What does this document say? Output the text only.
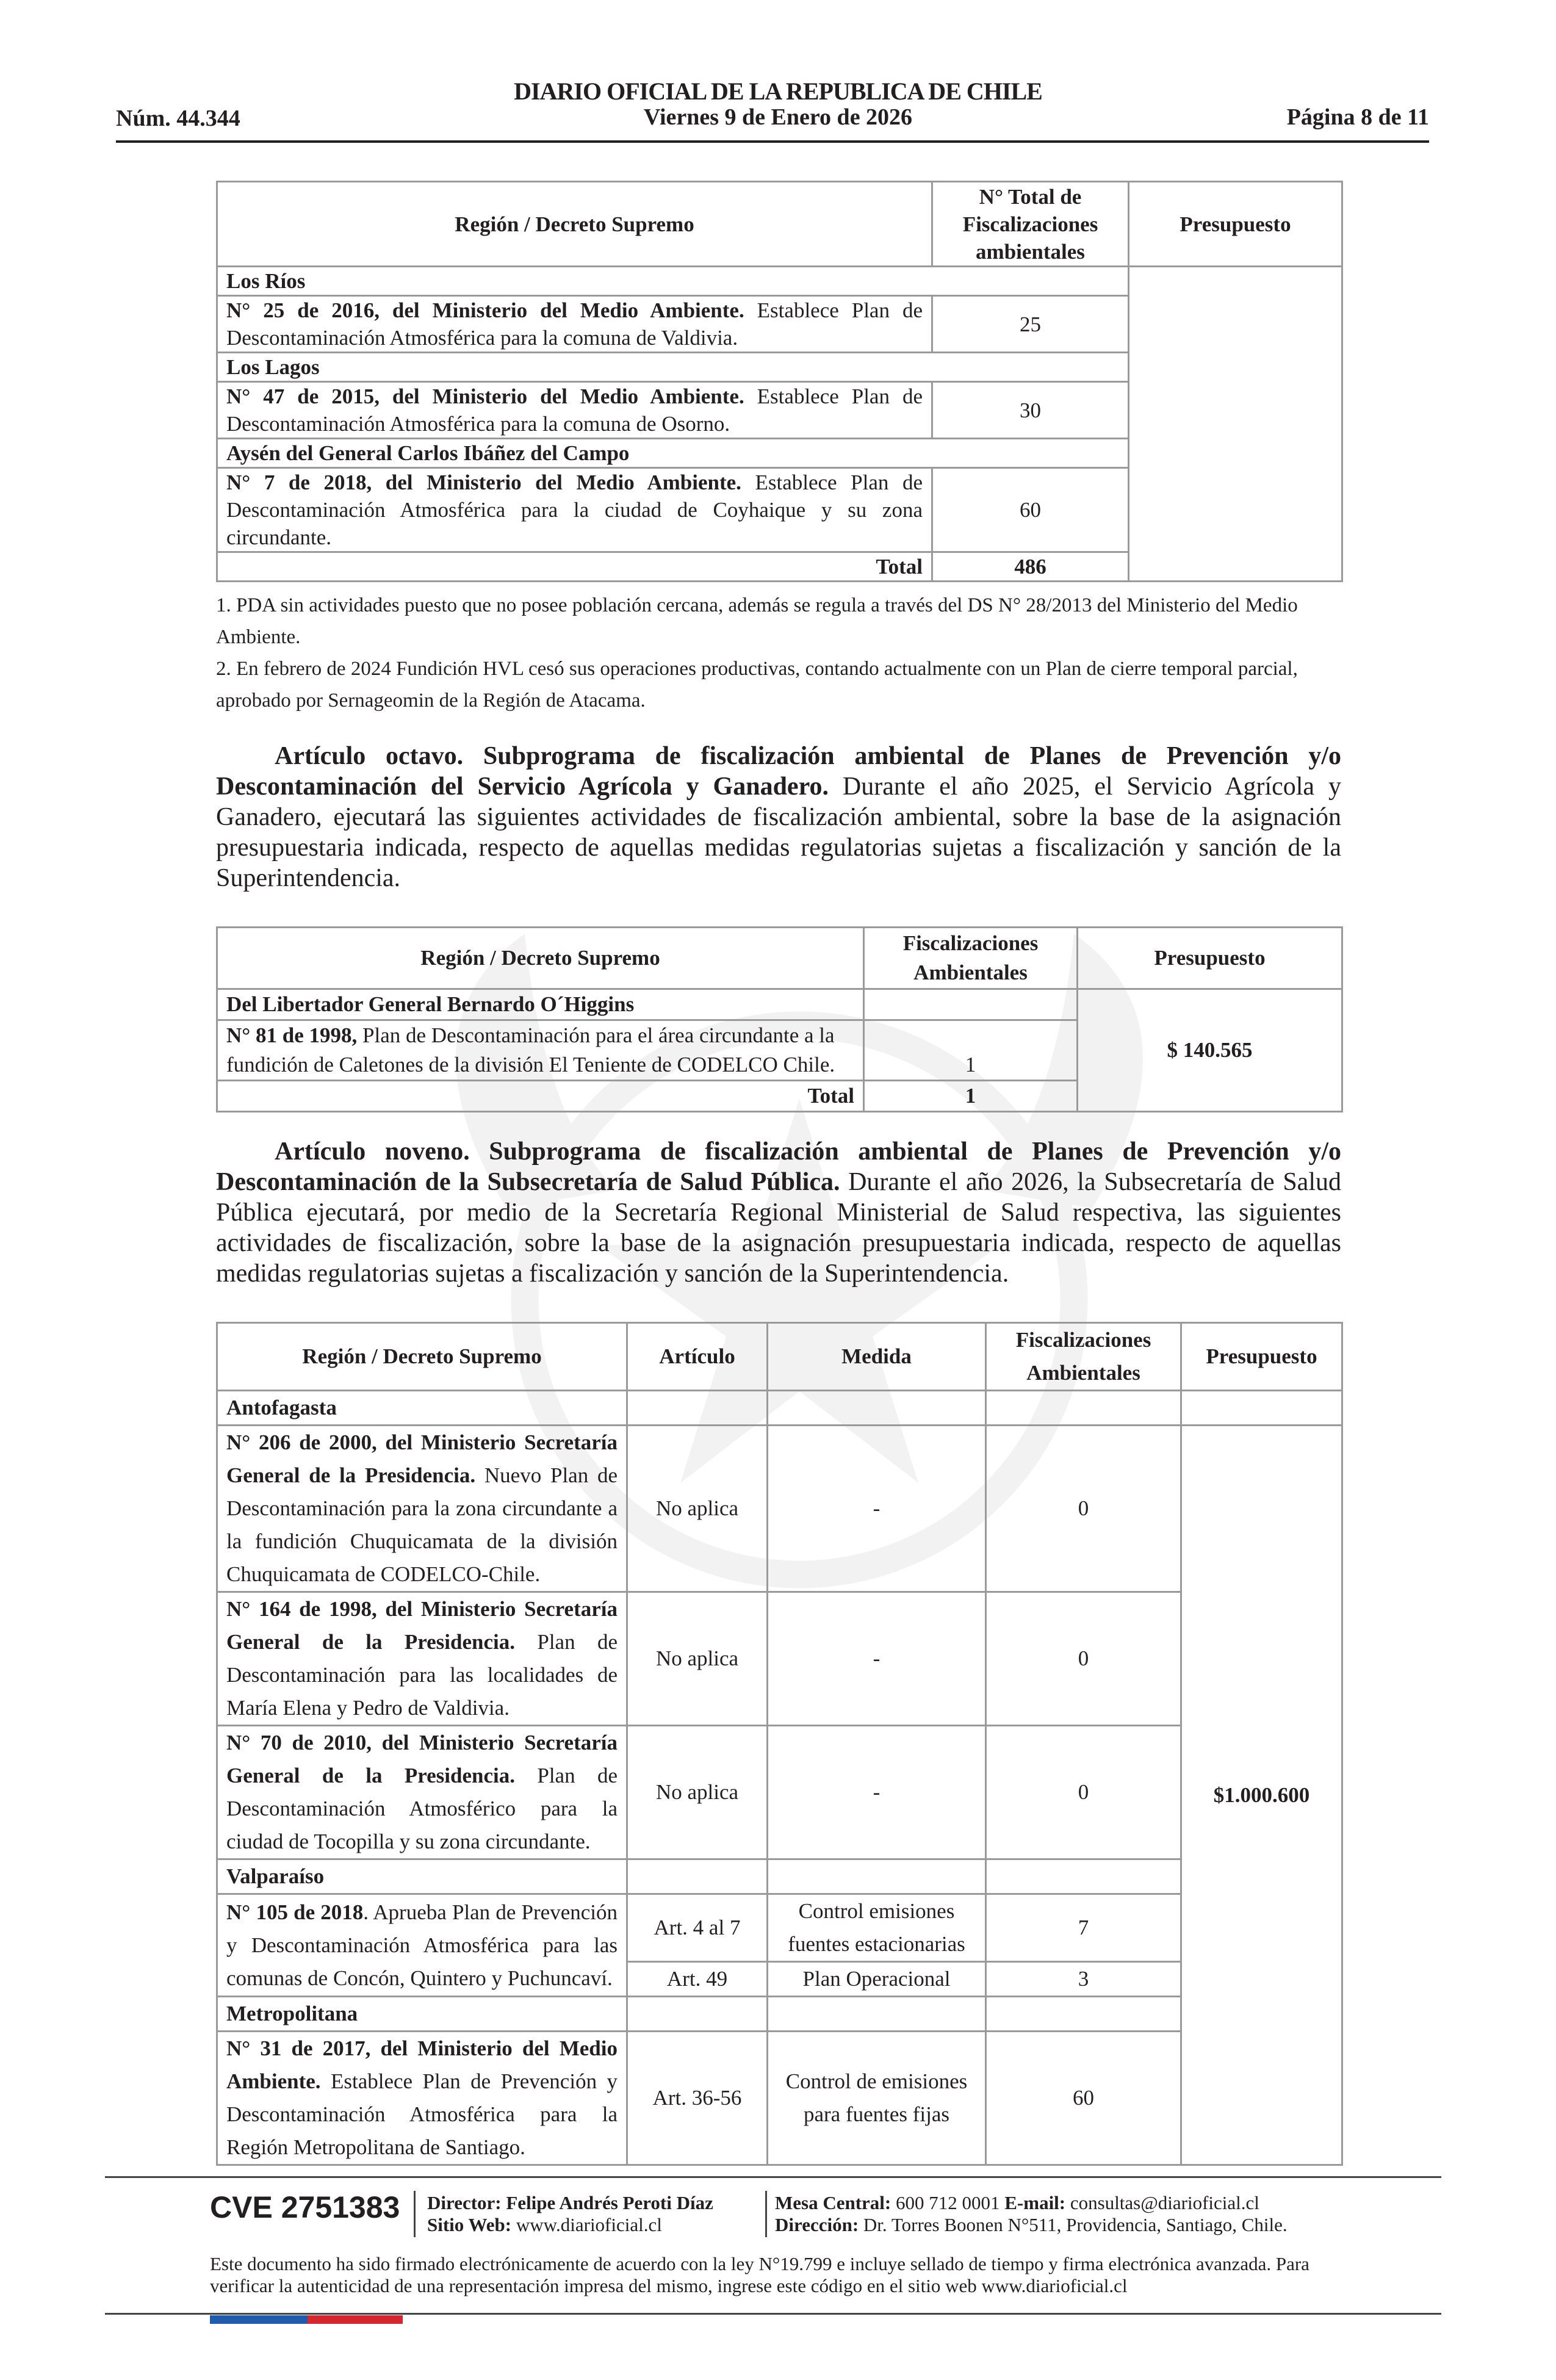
DIARIO OFICIAL DE LA REPUBLICA DE CHILE
Núm. 44.344	Viernes 9 de Enero de 2026	Página 8 de 11
Región / Decreto Supremo	N° Total de Fiscalizaciones ambientales	Presupuesto
Los Ríos		
N° 25 de 2016, del Ministerio del Medio Ambiente. Establece Plan de Descontaminación Atmosférica para la comuna de Valdivia.	25	
Los Lagos		
N° 47 de 2015, del Ministerio del Medio Ambiente. Establece Plan de Descontaminación Atmosférica para la comuna de Osorno.	30	
Aysén del General Carlos Ibáñez del Campo		
N° 7 de 2018, del Ministerio del Medio Ambiente. Establece Plan de Descontaminación Atmosférica para la ciudad de Coyhaique y su zona circundante.	60	
Total	486	

1. PDA sin actividades puesto que no posee población cercana, además se regula a través del DS N° 28/2013 del Ministerio del Medio Ambiente.

2. En febrero de 2024 Fundición HVL cesó sus operaciones productivas, contando actualmente con un Plan de cierre temporal parcial, aprobado por Sernageomin de la Región de Atacama.

Artículo octavo. Subprograma de fiscalización ambiental de Planes de Prevención y/o Descontaminación del Servicio Agrícola y Ganadero. Durante el año 2025, el Servicio Agrícola y Ganadero, ejecutará las siguientes actividades de fiscalización ambiental, sobre la base de la asignación presupuestaria indicada, respecto de aquellas medidas regulatorias sujetas a fiscalización y sanción de la Superintendencia.

Región / Decreto Supremo	Fiscalizaciones Ambientales	Presupuesto
Del Libertador General Bernardo O´Higgins		$ 140.565
N° 81 de 1998, Plan de Descontaminación para el área circundante a la fundición de Caletones de la división El Teniente de CODELCO Chile.	1	
Total	1	

Artículo noveno. Subprograma de fiscalización ambiental de Planes de Prevención y/o Descontaminación de la Subsecretaría de Salud Pública. Durante el año 2026, la Subsecretaría de Salud Pública ejecutará, por medio de la Secretaría Regional Ministerial de Salud respectiva, las siguientes actividades de fiscalización, sobre la base de la asignación presupuestaria indicada, respecto de aquellas medidas regulatorias sujetas a fiscalización y sanción de la Superintendencia.

Región / Decreto Supremo	Artículo	Medida	Fiscalizaciones Ambientales	Presupuesto
Antofagasta				
N° 206 de 2000, del Ministerio Secretaría General de la Presidencia. Nuevo Plan de Descontaminación para la zona circundante a la fundición Chuquicamata de la división Chuquicamata de CODELCO-Chile.	No aplica	-	0	$1.000.600
N° 164 de 1998, del Ministerio Secretaría General de la Presidencia. Plan de Descontaminación para las localidades de María Elena y Pedro de Valdivia.	No aplica	-	0	
N° 70 de 2010, del Ministerio Secretaría General de la Presidencia. Plan de Descontaminación Atmosférico para la ciudad de Tocopilla y su zona circundante.	No aplica	-	0	
Valparaíso				
N° 105 de 2018. Aprueba Plan de Prevención y Descontaminación Atmosférica para las comunas de Concón, Quintero y Puchuncaví.	Art. 4 al 7	Control emisiones fuentes estacionarias	7	
	Art. 49	Plan Operacional	3	
Metropolitana				
N° 31 de 2017, del Ministerio del Medio Ambiente. Establece Plan de Prevención y Descontaminación Atmosférica para la Región Metropolitana de Santiago.	Art. 36-56	Control de emisiones para fuentes fijas	60	
CVE 2751383 Director: Felipe Andrés Peroti Díaz
Sitio Web: www.diarioficial.cl
Mesa Central: 600 712 0001 E-mail: consultas@diarioficial.cl
Dirección: Dr. Torres Boonen N°511, Providencia, Santiago, Chile.
Este documento ha sido firmado electrónicamente de acuerdo con la ley N°19.799 e incluye sellado de tiempo y firma electrónica avanzada. Para verificar la autenticidad de una representación impresa del mismo, ingrese este código en el sitio web www.diarioficial.cl
